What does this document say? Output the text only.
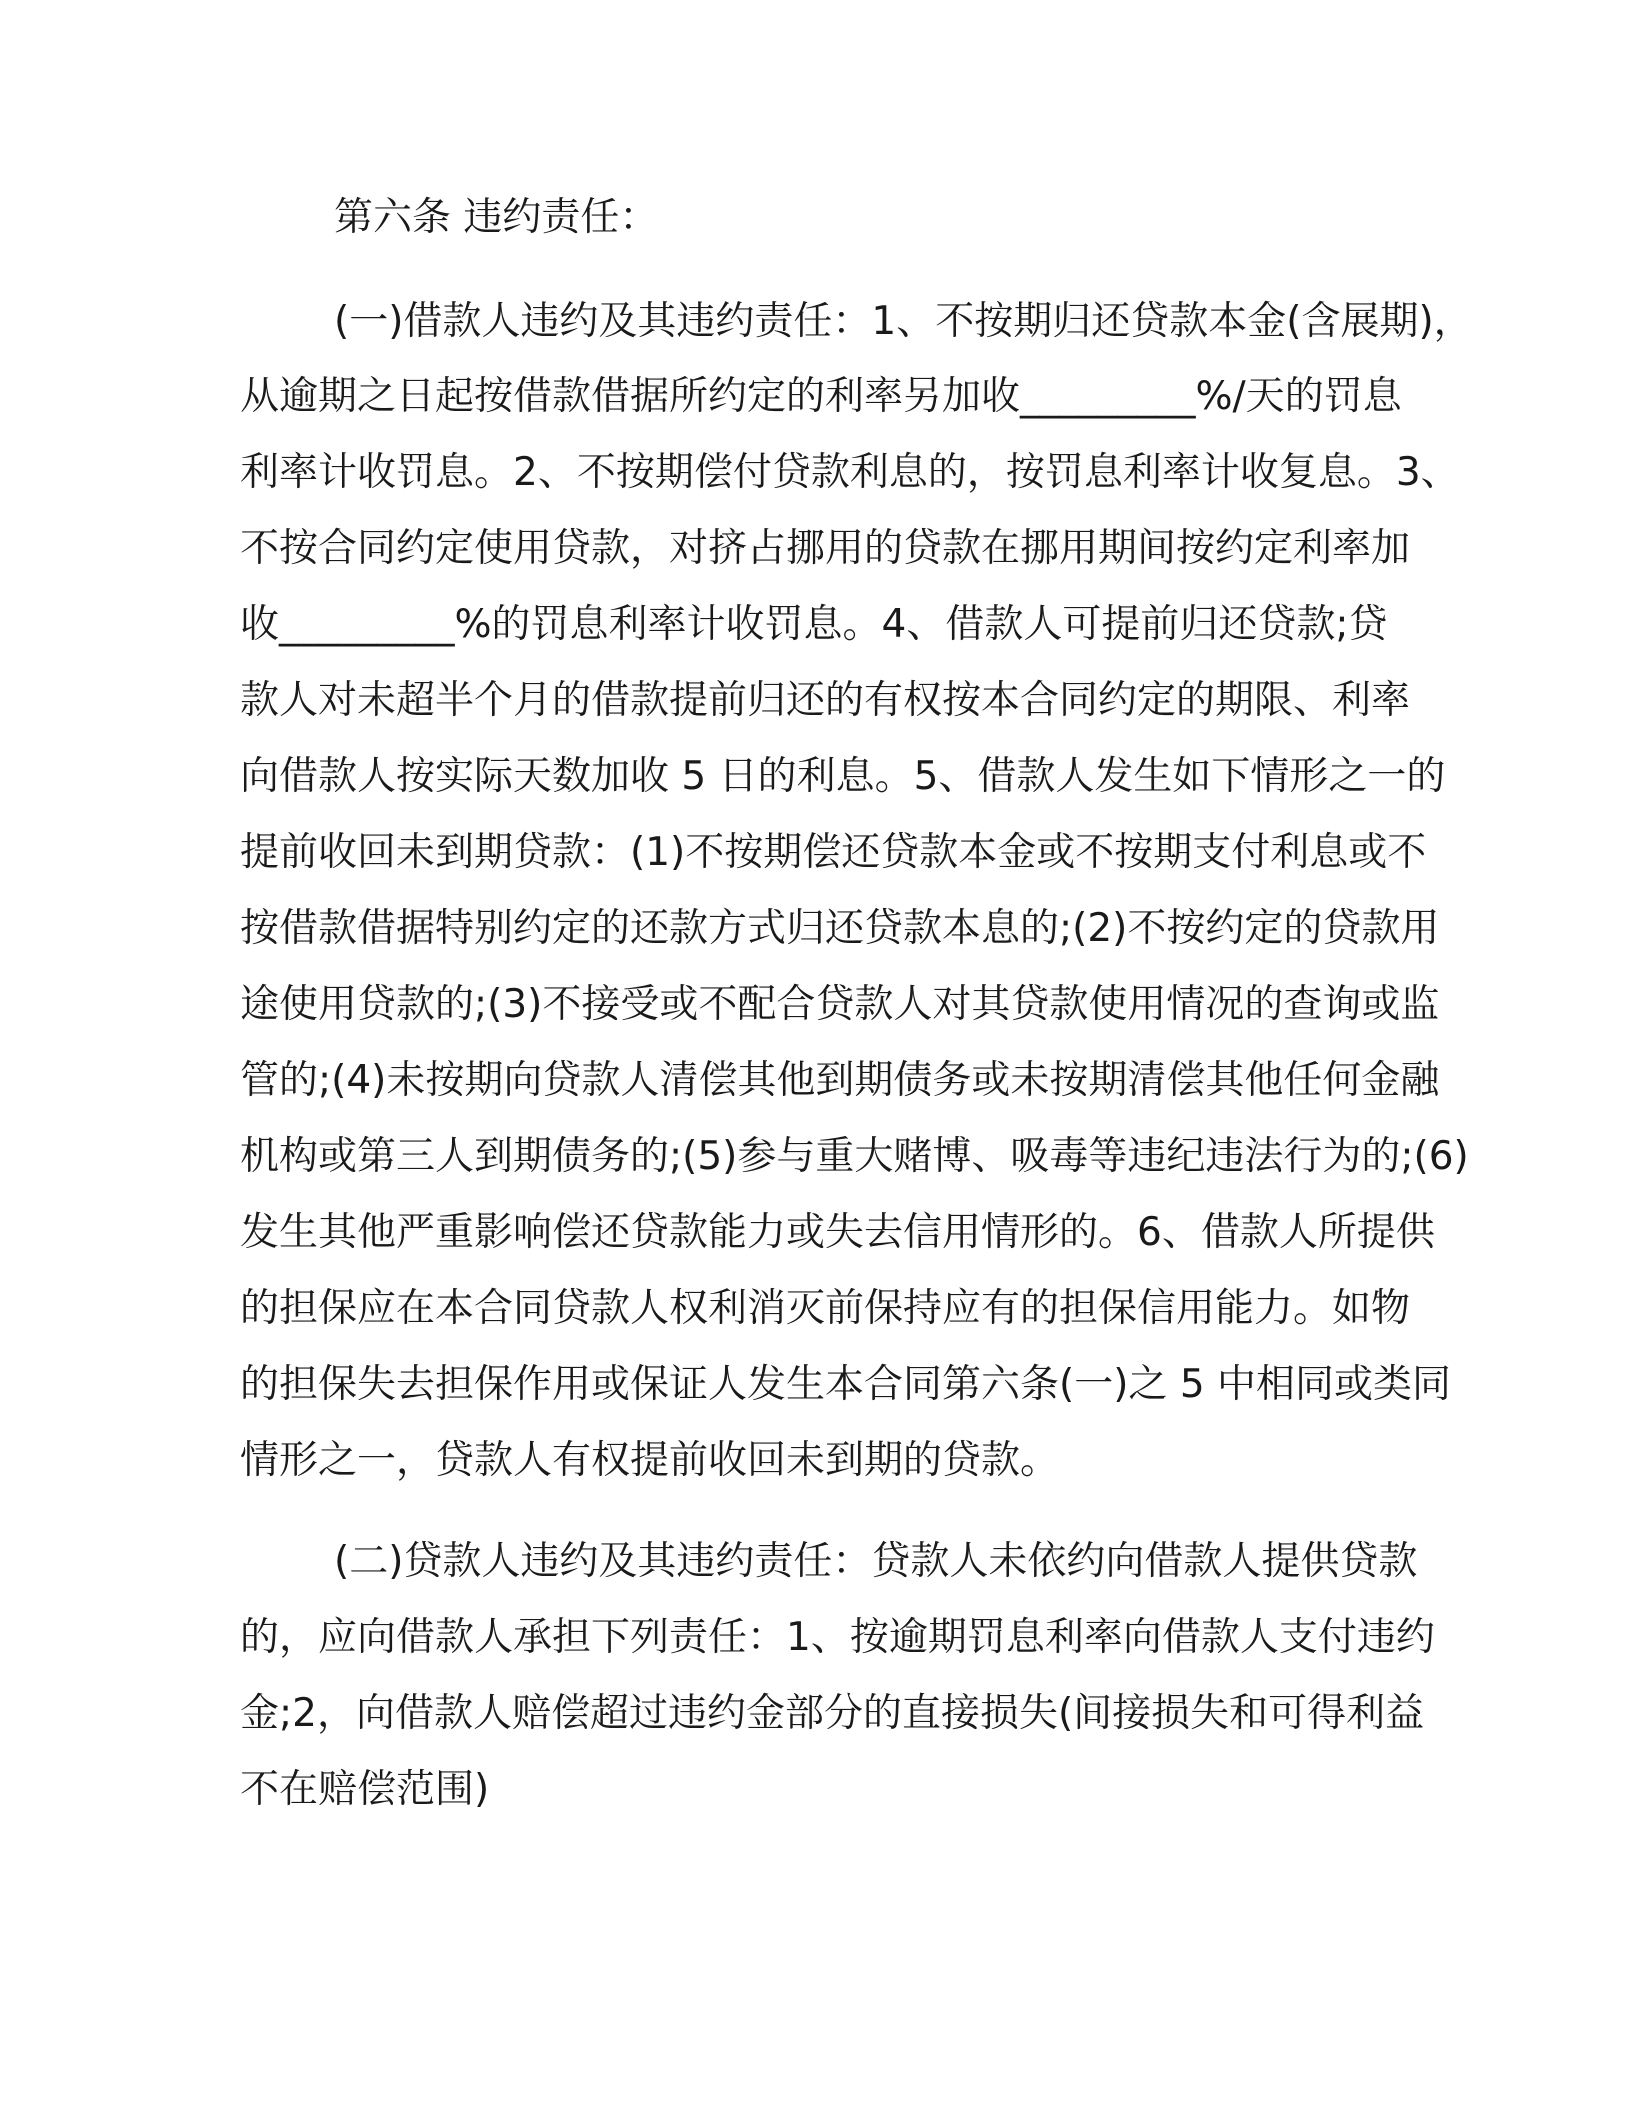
第六条 违约责任：
(一)借款人违约及其违约责任：1、不按期归还贷款本金(含展期)，
从逾期之日起按借款借据所约定的利率另加收_________%/天的罚息
利率计收罚息。2、不按期偿付贷款利息的，按罚息利率计收复息。3、
不按合同约定使用贷款，对挤占挪用的贷款在挪用期间按约定利率加
收_________%的罚息利率计收罚息。4、借款人可提前归还贷款;贷
款人对未超半个月的借款提前归还的有权按本合同约定的期限、利率
向借款人按实际天数加收 5 日的利息。5、借款人发生如下情形之一的
提前收回未到期贷款：(1)不按期偿还贷款本金或不按期支付利息或不
按借款借据特别约定的还款方式归还贷款本息的;(2)不按约定的贷款用
途使用贷款的;(3)不接受或不配合贷款人对其贷款使用情况的查询或监
管的;(4)未按期向贷款人清偿其他到期债务或未按期清偿其他任何金融
机构或第三人到期债务的;(5)参与重大赌博、吸毒等违纪违法行为的;(6)
发生其他严重影响偿还贷款能力或失去信用情形的。6、借款人所提供
的担保应在本合同贷款人权利消灭前保持应有的担保信用能力。如物
的担保失去担保作用或保证人发生本合同第六条(一)之 5 中相同或类同
情形之一，贷款人有权提前收回未到期的贷款。
(二)贷款人违约及其违约责任：贷款人未依约向借款人提供贷款
的，应向借款人承担下列责任：1、按逾期罚息利率向借款人支付违约
金;2，向借款人赔偿超过违约金部分的直接损失(间接损失和可得利益
不在赔偿范围)
